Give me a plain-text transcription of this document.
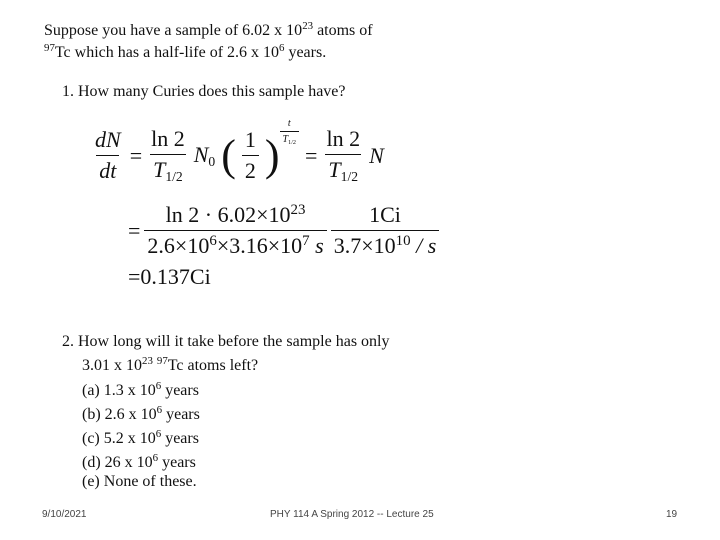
Suppose you have a sample of 6.02 x $10^{23}$ atoms of
$^{97}$Tc which has a half-life of 2.6 x $10^6$ years.
1. How many Curies does this sample have?
$\frac{dN}{dt} = \frac{\ln 2}{T_{1/2}} N_0$ ( $\frac{1}{2}$ ) $\frac{t}{T_{1/2}}$
= $\frac{\ln 2}{T_{1/2}}$ N
= $\frac{\ln 2 \cdot 6.02\times 10^{23}}{2.6\times 10^6\times 3.16\times 10^7 s} \frac{1Ci}{3.7\times 10^{10} / s}$
=0.137Ci
2. How long will it take before the sample has only
3.01 x $10^{23}$ $^{97}$Tc atoms left?
(a) 1.3 x $10^6$ years
(b) 2.6 x $10^6$ years
(c) 5.2 x $10^6$ years
(d) 26 x $10^6$ years
(e) None of these.
9/10/2021	PHY 114 A Spring 2012 -- Lecture 25	19
